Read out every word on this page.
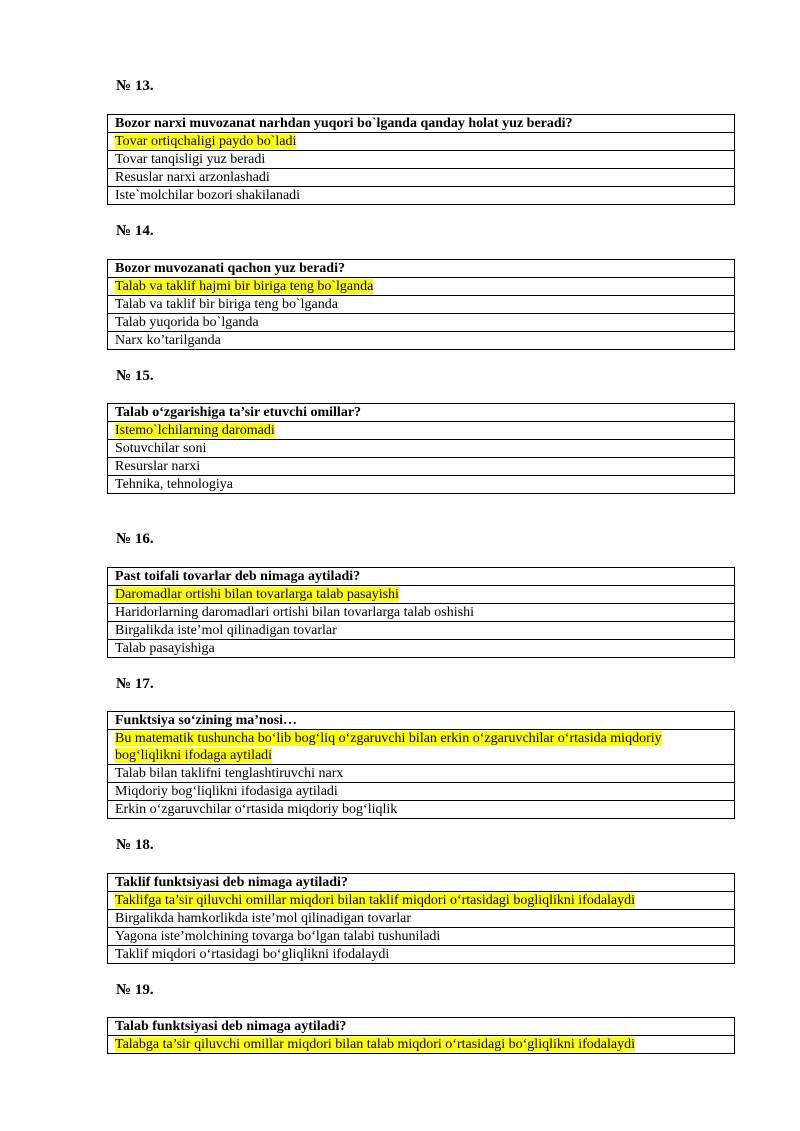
№ 13.
Bozor narxi muvozanat narhdan yuqori bo`lganda qanday holat yuz beradi?
Tovar ortiqchaligi paydo bo`ladi
Tovar tanqisligi yuz beradi
Resuslar narxi arzonlashadi
Iste`molchilar bozori shakilanadi
№ 14.
Bozor muvozanati qachon yuz beradi?
Talab va taklif hajmi bir biriga teng bo`lganda
Talab va taklif bir biriga teng bo`lganda
Talab yuqorida bo`lganda
Narx ko’tarilganda
№ 15.
Talab o‘zgarishiga ta’sir etuvchi omillar?
Istemo`lchilarning daromadi
Sotuvchilar soni
Resurslar narxi
Tehnika, tehnologiya
№ 16.
Past toifali tovarlar deb nimaga aytiladi?
Daromadlar ortishi bilan tovarlarga talab pasayishi
Haridorlarning daromadlari ortishi bilan tovarlarga talab oshishi
Birgalikda iste’mol qilinadigan tovarlar
Talab pasayishiga
№ 17.
Funktsiya so‘zining ma’nosi…
Bu matematik tushuncha bo‘lib bog‘liq o‘zgaruvchi bilan erkin o‘zgaruvchilar o‘rtasida miqdoriy bog‘liqlikni ifodaga aytiladi
Talab bilan taklifni tenglashtiruvchi narx
Miqdoriy bog‘liqlikni ifodasiga aytiladi
Erkin o‘zgaruvchilar o‘rtasida miqdoriy bog‘liqlik
№ 18.
Taklif funktsiyasi deb nimaga aytiladi?
Taklifga ta’sir qiluvchi omillar miqdori bilan taklif miqdori o‘rtasidagi bogliqlikni ifodalaydi
Birgalikda hamkorlikda iste’mol qilinadigan tovarlar
Yagona iste’molchining tovarga bo‘lgan talabi tushuniladi
Taklif miqdori o‘rtasidagi bo‘gliqlikni ifodalaydi
№ 19.
Talab funktsiyasi deb nimaga aytiladi?
Talabga ta’sir qiluvchi omillar miqdori bilan talab miqdori o‘rtasidagi bo‘gliqlikni ifodalaydi
